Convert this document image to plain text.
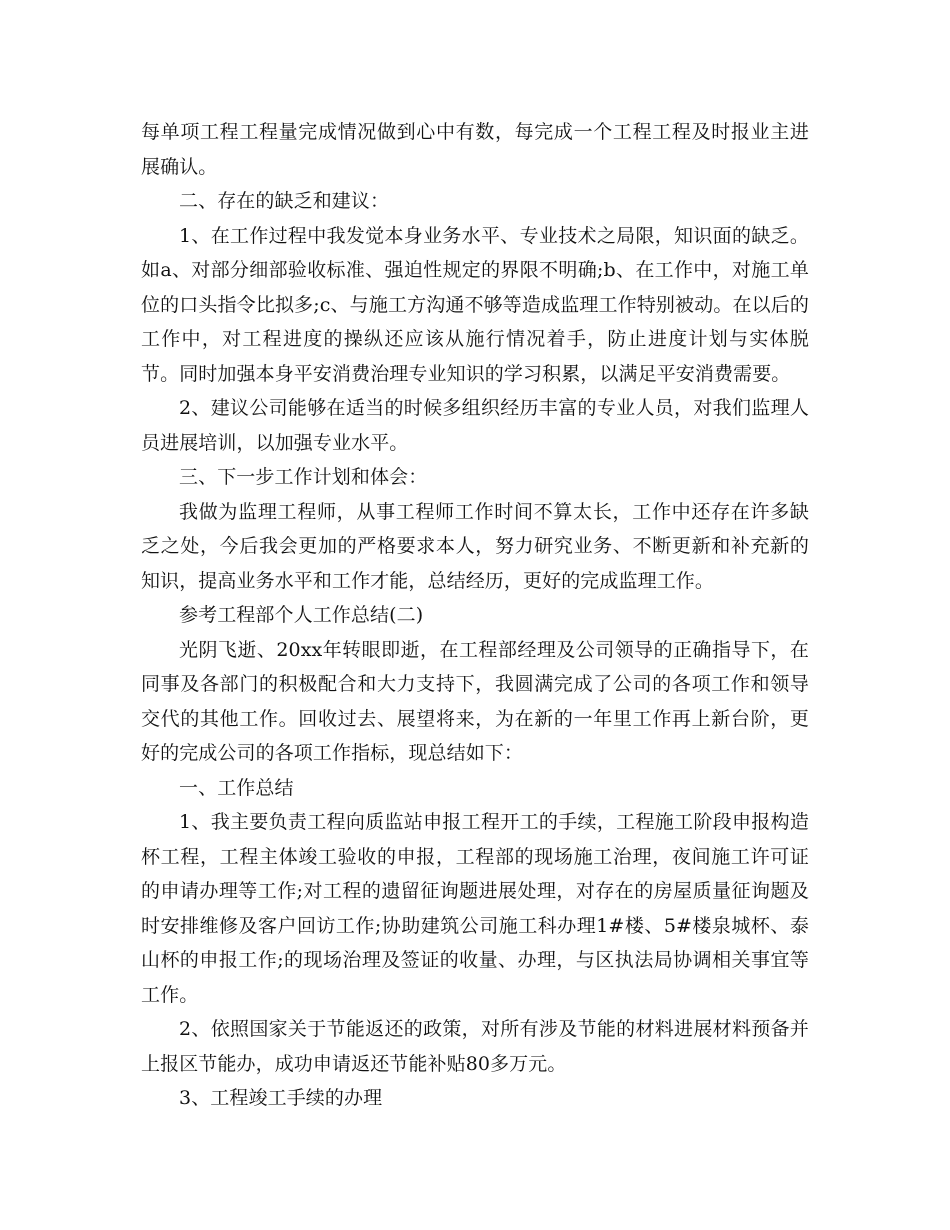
每单项工程工程量完成情况做到心中有数，每完成一个工程工程及时报业主进展确认。

二、存在的缺乏和建议：

1、在工作过程中我发觉本身业务水平、专业技术之局限，知识面的缺乏。如a、对部分细部验收标准、强迫性规定的界限不明确;b、在工作中，对施工单位的口头指令比拟多;c、与施工方沟通不够等造成监理工作特别被动。在以后的工作中，对工程进度的操纵还应该从施行情况着手，防止进度计划与实体脱节。同时加强本身平安消费治理专业知识的学习积累，以满足平安消费需要。

2、建议公司能够在适当的时候多组织经历丰富的专业人员，对我们监理人员进展培训，以加强专业水平。

三、下一步工作计划和体会：

我做为监理工程师，从事工程师工作时间不算太长，工作中还存在许多缺乏之处，今后我会更加的严格要求本人，努力研究业务、不断更新和补充新的知识，提高业务水平和工作才能，总结经历，更好的完成监理工作。

参考工程部个人工作总结(二)

光阴飞逝、20xx年转眼即逝，在工程部经理及公司领导的正确指导下，在同事及各部门的积极配合和大力支持下，我圆满完成了公司的各项工作和领导交代的其他工作。回收过去、展望将来，为在新的一年里工作再上新台阶，更好的完成公司的各项工作指标，现总结如下：

一、工作总结

1、我主要负责工程向质监站申报工程开工的手续，工程施工阶段申报构造杯工程，工程主体竣工验收的申报，工程部的现场施工治理，夜间施工许可证的申请办理等工作;对工程的遗留征询题进展处理，对存在的房屋质量征询题及时安排维修及客户回访工作;协助建筑公司施工科办理1#楼、5#楼泉城杯、泰山杯的申报工作;的现场治理及签证的收量、办理，与区执法局协调相关事宜等工作。

2、依照国家关于节能返还的政策，对所有涉及节能的材料进展材料预备并上报区节能办，成功申请返还节能补贴80多万元。

3、工程竣工手续的办理
